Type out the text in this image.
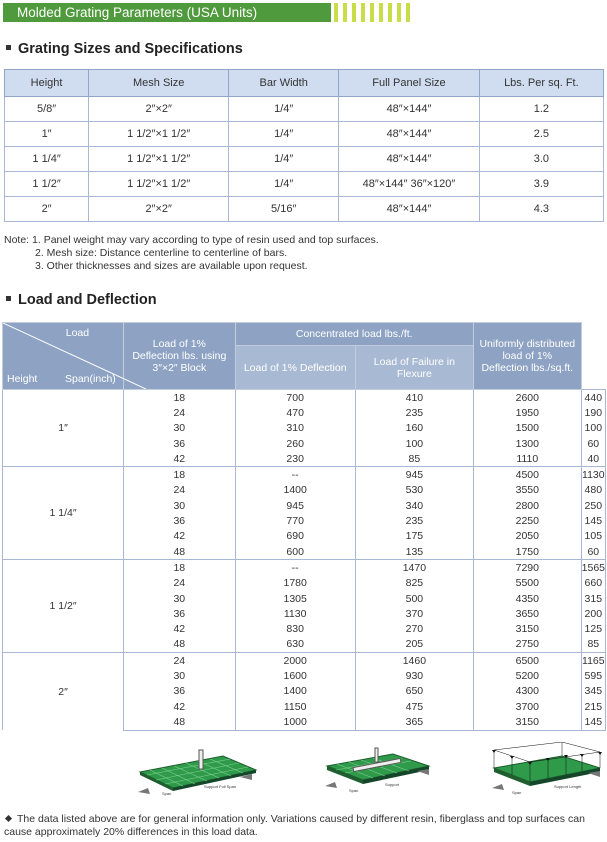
Molded Grating Parameters (USA Units)
Grating Sizes and Specifications
Height	Mesh Size	Bar Width	Full Panel Size	Lbs. Per sq. Ft.
5/8″	2″×2″	1/4″	48″×144″	1.2
1″	1 1/2″×1 1/2″	1/4″	48″×144″	2.5
1 1/4″	1 1/2″×1 1/2″	1/4″	48″×144″	3.0
1 1/2″	1 1/2″×1 1/2″	1/4″	48″×144″ 36″×120″	3.9
2″	2″×2″	5/16″	48″×144″	4.3
Note: 1. Panel weight may vary according to type of resin used and top surfaces.
2. Mesh size: Distance centerline to centerline of bars.
3. Other thicknesses and sizes are available upon request.
Load and Deflection
Load
Height Span(inch)	Load of 1% Deflection lbs. using 3″×2″ Block	Concentrated load lbs./ft.		Uniformly distributed load of 1% Deflection lbs./sq.ft.	
		Load of 1% Deflection	Load of Failure in Flexure		
1″	18	700	410	2600	440
	24	470	235	1950	190
	30	310	160	1500	100
	36	260	100	1300	60
	42	230	85	1110	40
1 1/4″	18	--	945	4500	1130
	24	1400	530	3550	480
	30	945	340	2800	250
	36	770	235	2250	145
	42	690	175	2050	105
	48	600	135	1750	60
1 1/2″	18	--	1470	7290	1565
	24	1780	825	5500	660
	30	1305	500	4350	315
	36	1130	370	3650	200
	42	830	270	3150	125
	48	630	205	2750	85
2″	24	2000	1460	6500	1165
	30	1600	930	5200	595
	36	1400	650	4300	345
	42	1150	475	3700	215
	48	1000	365	3150	145
Span
Support Full Span
Span
Support
Span
Support Length
The data listed above are for general information only. Variations caused by different resin, fiberglass and top surfaces can cause approximately 20% differences in this load data.
